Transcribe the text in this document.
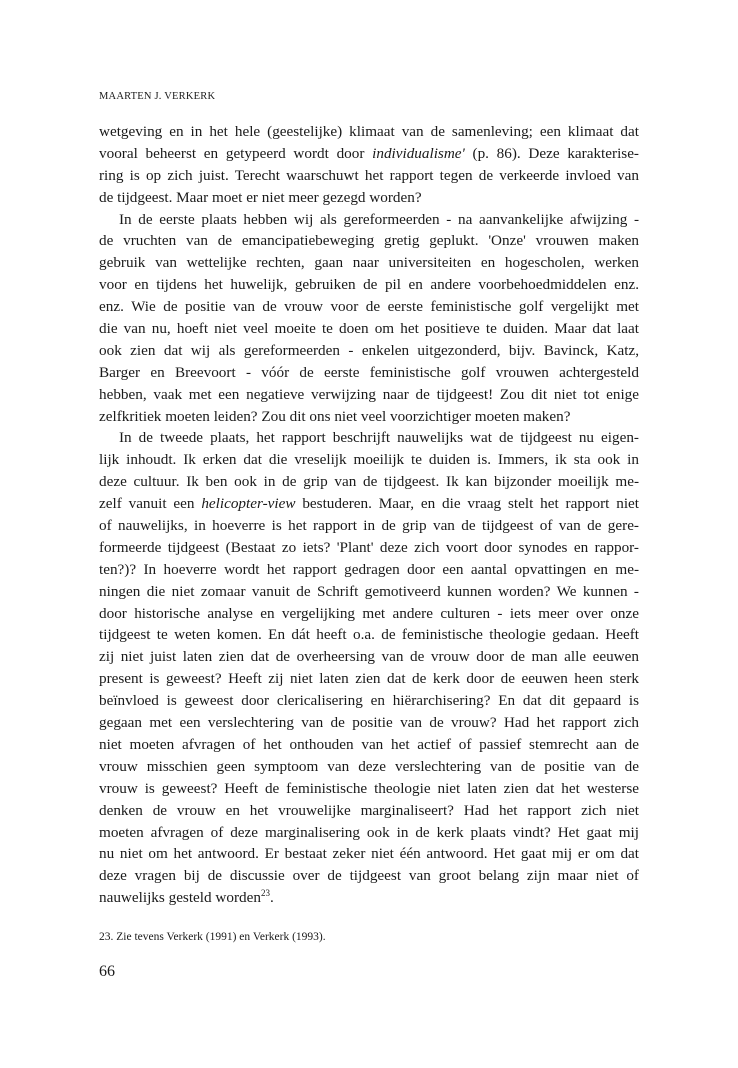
MAARTEN J. VERKERK
wetgeving en in het hele (geestelijke) klimaat van de samenleving; een klimaat dat
vooral beheerst en getypeerd wordt door individualisme' (p. 86). Deze karakterise-
ring is op zich juist. Terecht waarschuwt het rapport tegen de verkeerde invloed van
de tijdgeest. Maar moet er niet meer gezegd worden?
In de eerste plaats hebben wij als gereformeerden - na aanvankelijke afwijzing -
de vruchten van de emancipatiebeweging gretig geplukt. 'Onze' vrouwen maken
gebruik van wettelijke rechten, gaan naar universiteiten en hogescholen, werken
voor en tijdens het huwelijk, gebruiken de pil en andere voorbehoedmiddelen enz.
enz. Wie de positie van de vrouw voor de eerste feministische golf vergelijkt met
die van nu, hoeft niet veel moeite te doen om het positieve te duiden. Maar dat laat
ook zien dat wij als gereformeerden - enkelen uitgezonderd, bijv. Bavinck, Katz,
Barger en Breevoort - vóór de eerste feministische golf vrouwen achtergesteld
hebben, vaak met een negatieve verwijzing naar de tijdgeest! Zou dit niet tot enige
zelfkritiek moeten leiden? Zou dit ons niet veel voorzichtiger moeten maken?
In de tweede plaats, het rapport beschrijft nauwelijks wat de tijdgeest nu eigen-
lijk inhoudt. Ik erken dat die vreselijk moeilijk te duiden is. Immers, ik sta ook in
deze cultuur. Ik ben ook in de grip van de tijdgeest. Ik kan bijzonder moeilijk me-
zelf vanuit een helicopter-view bestuderen. Maar, en die vraag stelt het rapport niet
of nauwelijks, in hoeverre is het rapport in de grip van de tijdgeest of van de gere-
formeerde tijdgeest (Bestaat zo iets? 'Plant' deze zich voort door synodes en rappor-
ten?)? In hoeverre wordt het rapport gedragen door een aantal opvattingen en me-
ningen die niet zomaar vanuit de Schrift gemotiveerd kunnen worden? We kunnen -
door historische analyse en vergelijking met andere culturen - iets meer over onze
tijdgeest te weten komen. En dát heeft o.a. de feministische theologie gedaan. Heeft
zij niet juist laten zien dat de overheersing van de vrouw door de man alle eeuwen
present is geweest? Heeft zij niet laten zien dat de kerk door de eeuwen heen sterk
beïnvloed is geweest door clericalisering en hiërarchisering? En dat dit gepaard is
gegaan met een verslechtering van de positie van de vrouw? Had het rapport zich
niet moeten afvragen of het onthouden van het actief of passief stemrecht aan de
vrouw misschien geen symptoom van deze verslechtering van de positie van de
vrouw is geweest? Heeft de feministische theologie niet laten zien dat het westerse
denken de vrouw en het vrouwelijke marginaliseert? Had het rapport zich niet
moeten afvragen of deze marginalisering ook in de kerk plaats vindt? Het gaat mij
nu niet om het antwoord. Er bestaat zeker niet één antwoord. Het gaat mij er om dat
deze vragen bij de discussie over de tijdgeest van groot belang zijn maar niet of
nauwelijks gesteld worden$^{23}$.
23. Zie tevens Verkerk (1991) en Verkerk (1993).
66
